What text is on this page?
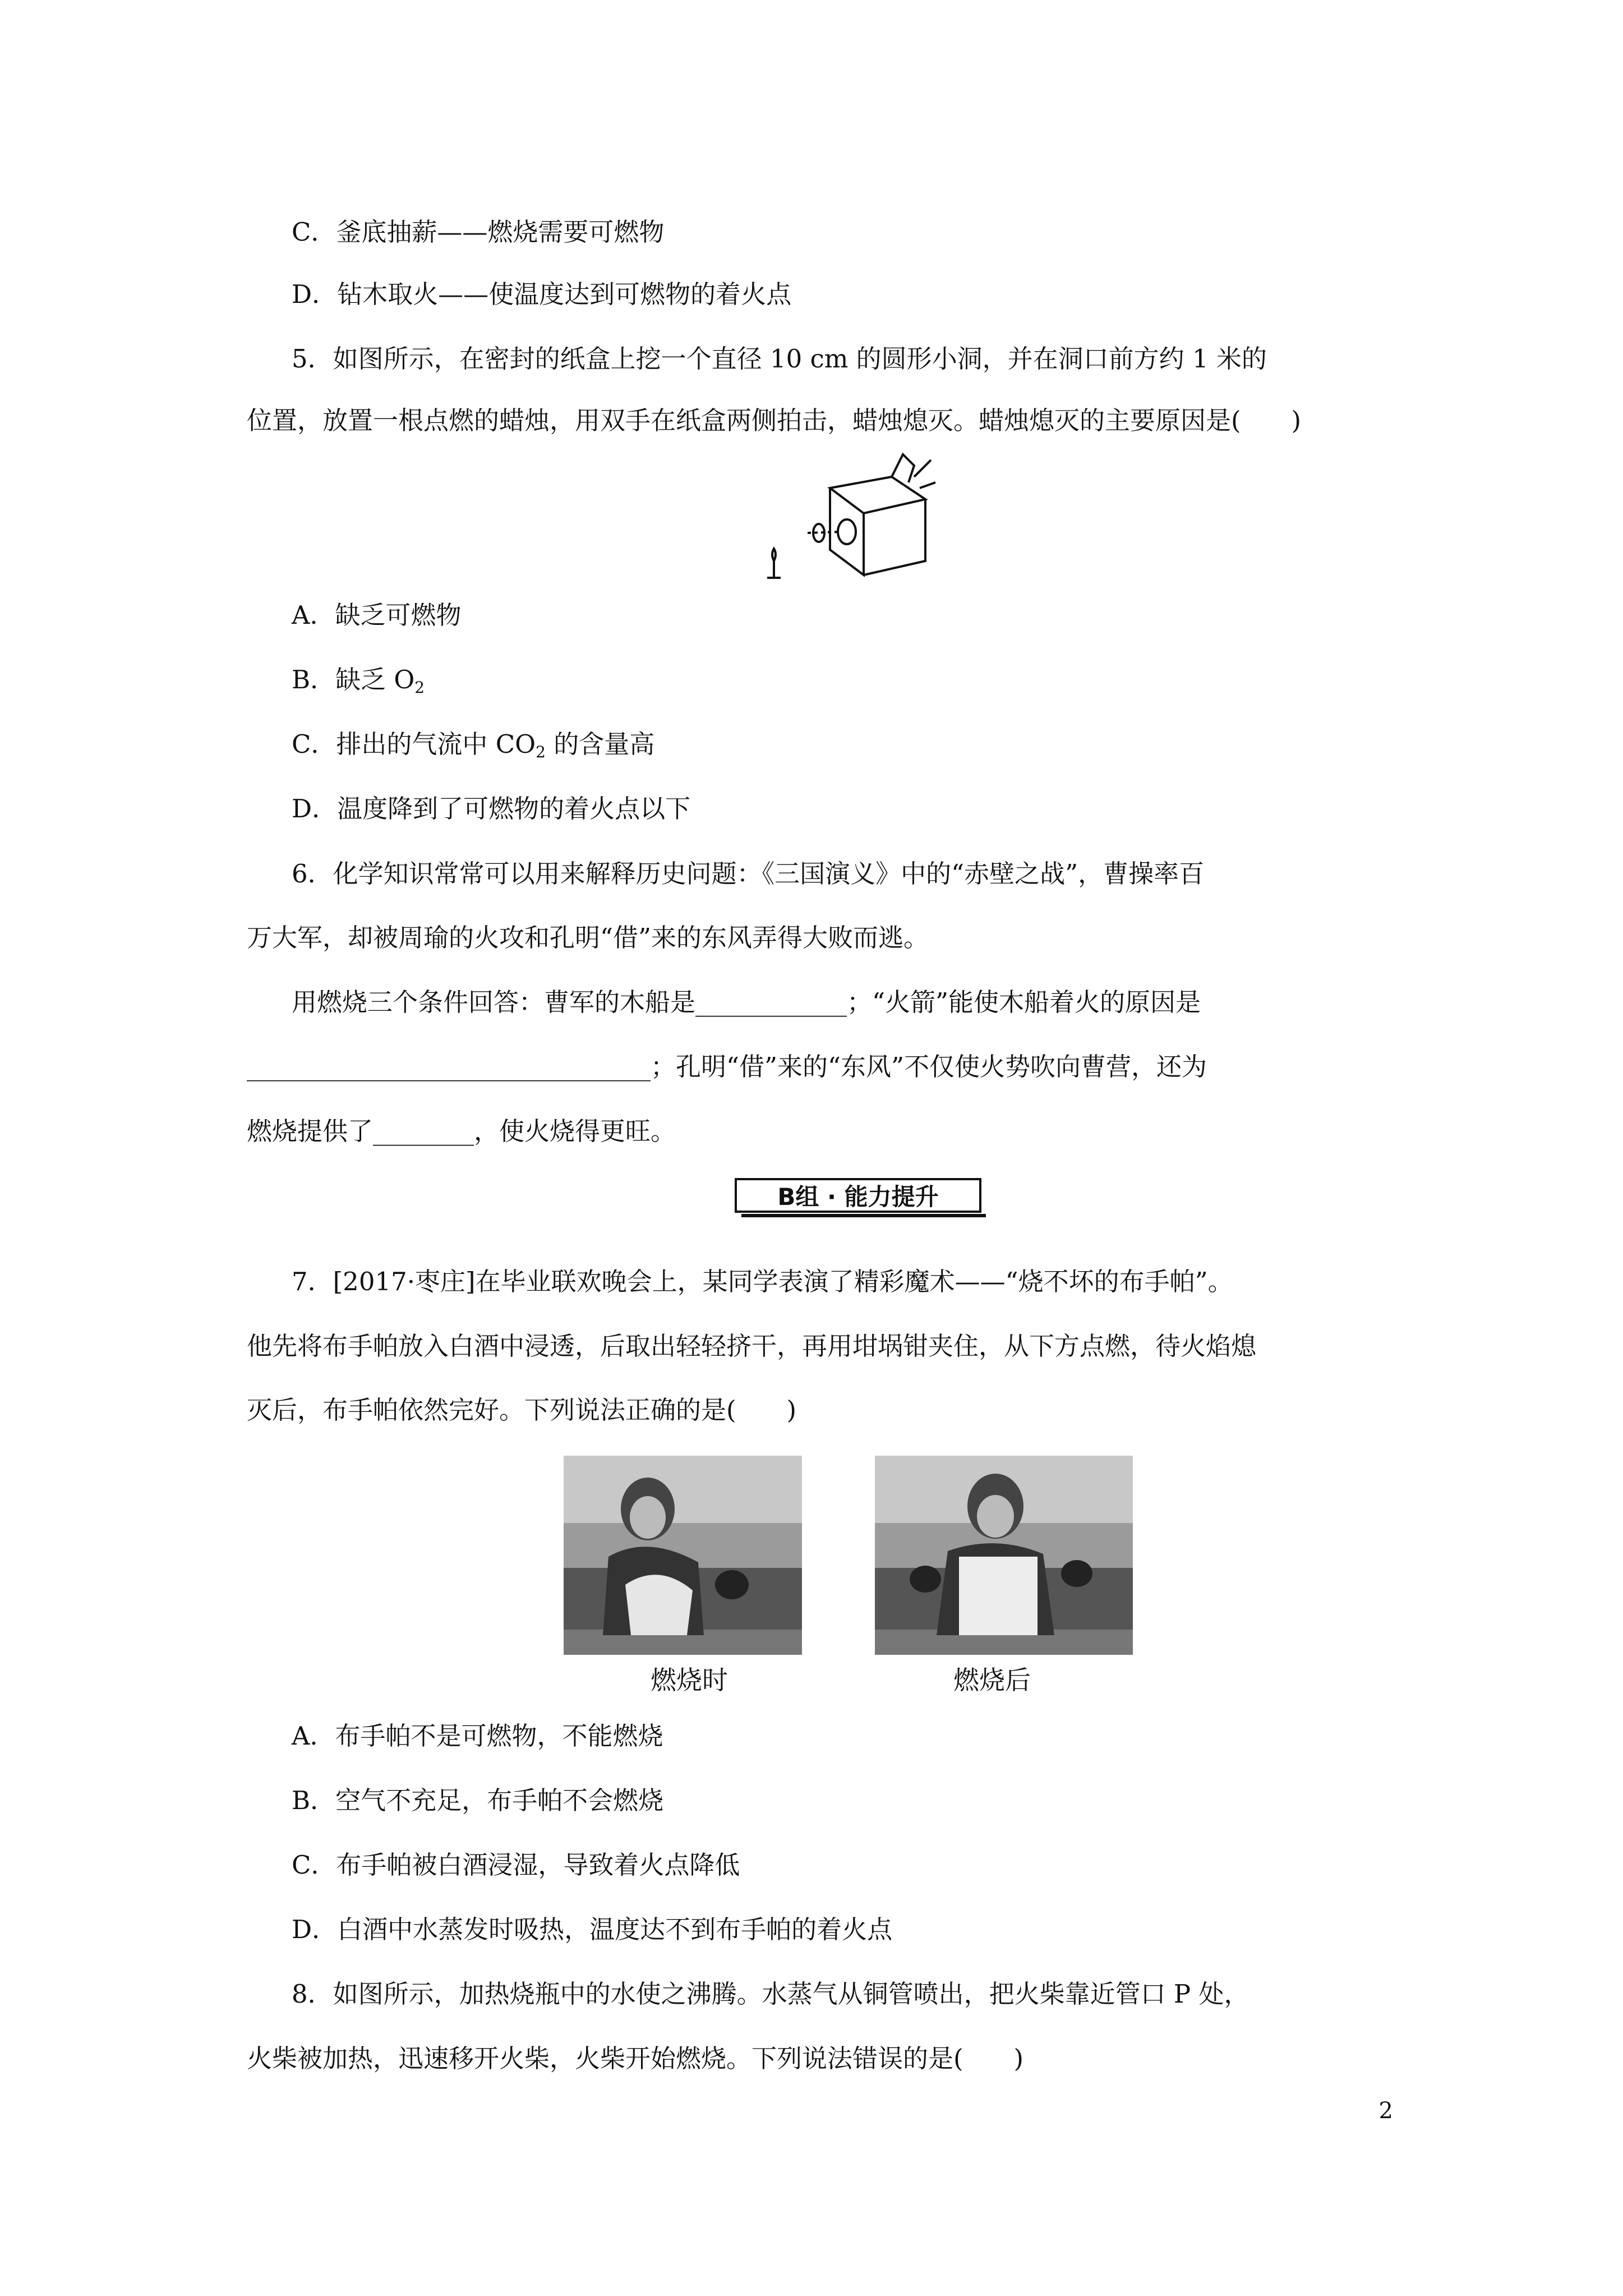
C．釜底抽薪——燃烧需要可燃物
D．钻木取火——使温度达到可燃物的着火点
5．如图所示，在密封的纸盒上挖一个直径 10 cm 的圆形小洞，并在洞口前方约 1 米的
位置，放置一根点燃的蜡烛，用双手在纸盒两侧拍击，蜡烛熄灭。蜡烛熄灭的主要原因是(　　)
A．缺乏可燃物
B．缺乏 $O_2$
C．排出的气流中 $CO_2$ 的含量高
D．温度降到了可燃物的着火点以下
6．化学知识常常可以用来解释历史问题：《三国演义》中的“赤壁之战”，曹操率百
万大军，却被周瑜的火攻和孔明“借”来的东风弄得大败而逃。
用燃烧三个条件回答：曹军的木船是____________；“火箭”能使木船着火的原因是
________________________________；孔明“借”来的“东风”不仅使火势吹向曹营，还为
燃烧提供了________，使火烧得更旺。
B组 · 能力提升
7．[2017·枣庄]在毕业联欢晚会上，某同学表演了精彩魔术——“烧不坏的布手帕”。
他先将布手帕放入白酒中浸透，后取出轻轻挤干，再用坩埚钳夹住，从下方点燃，待火焰熄
灭后，布手帕依然完好。下列说法正确的是(　　)
燃烧时	燃烧后
A．布手帕不是可燃物，不能燃烧
B．空气不充足，布手帕不会燃烧
C．布手帕被白酒浸湿，导致着火点降低
D．白酒中水蒸发时吸热，温度达不到布手帕的着火点
8．如图所示，加热烧瓶中的水使之沸腾。水蒸气从铜管喷出，把火柴靠近管口 P 处，
火柴被加热，迅速移开火柴，火柴开始燃烧。下列说法错误的是(　　)
2
